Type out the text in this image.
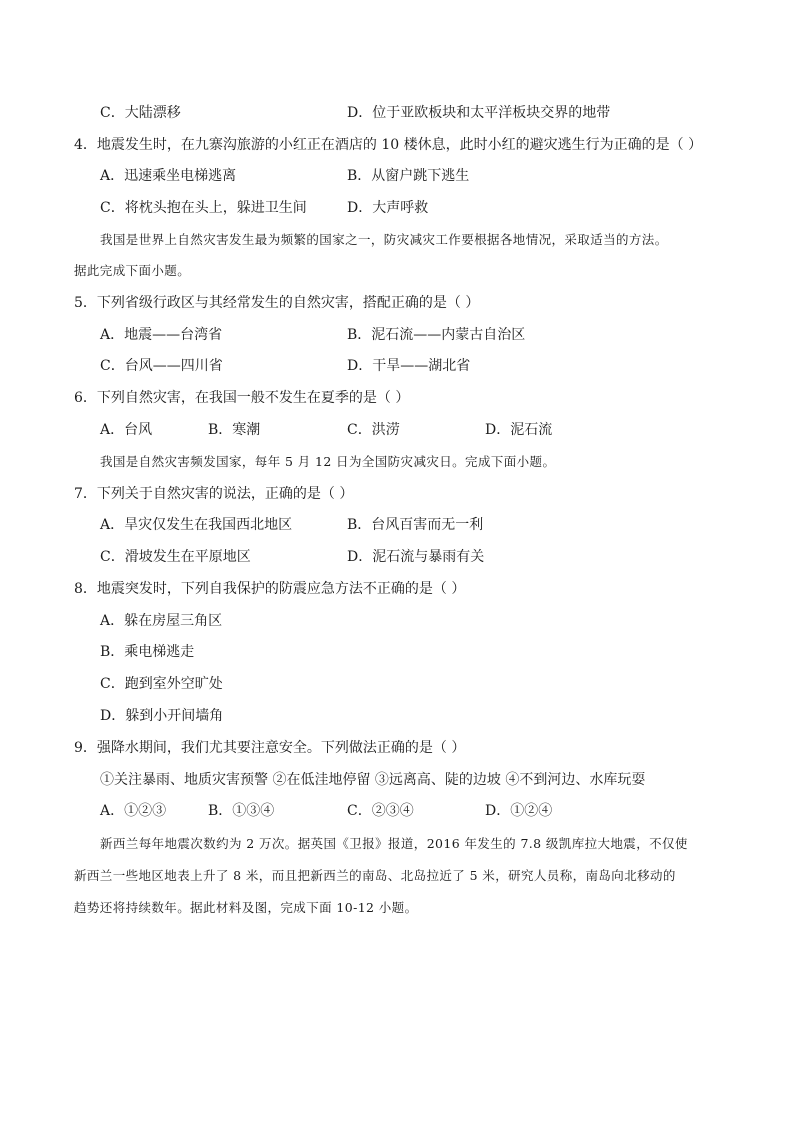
C．大陆漂移	D．位于亚欧板块和太平洋板块交界的地带
4．地震发生时，在九寨沟旅游的小红正在酒店的 10 楼休息，此时小红的避灾逃生行为正确的是（ ）
A．迅速乘坐电梯逃离	B．从窗户跳下逃生
C．将枕头抱在头上，躲进卫生间	D．大声呼救
我国是世界上自然灾害发生最为频繁的国家之一，防灾减灾工作要根据各地情况，采取适当的方法。
据此完成下面小题。
5．下列省级行政区与其经常发生的自然灾害，搭配正确的是（ ）
A．地震——台湾省	B．泥石流——内蒙古自治区
C．台风——四川省	D．干旱——湖北省
6．下列自然灾害，在我国一般不发生在夏季的是（ ）
A．台风	B．寒潮	C．洪涝	D．泥石流
我国是自然灾害频发国家，每年 5 月 12 日为全国防灾减灾日。完成下面小题。
7．下列关于自然灾害的说法，正确的是（ ）
A．旱灾仅发生在我国西北地区	B．台风百害而无一利
C．滑坡发生在平原地区	D．泥石流与暴雨有关
8．地震突发时，下列自我保护的防震应急方法不正确的是（ ）
A．躲在房屋三角区
B．乘电梯逃走
C．跑到室外空旷处
D．躲到小开间墙角
9．强降水期间，我们尤其要注意安全。下列做法正确的是（ ）
①关注暴雨、地质灾害预警 ②在低洼地停留 ③远离高、陡的边坡 ④不到河边、水库玩耍
A．①②③	B．①③④	C．②③④	D．①②④
新西兰每年地震次数约为 2 万次。据英国《卫报》报道，2016 年发生的 7.8 级凯库拉大地震，不仅使
新西兰一些地区地表上升了 8 米，而且把新西兰的南岛、北岛拉近了 5 米，研究人员称，南岛向北移动的
趋势还将持续数年。据此材料及图，完成下面 10-12 小题。
